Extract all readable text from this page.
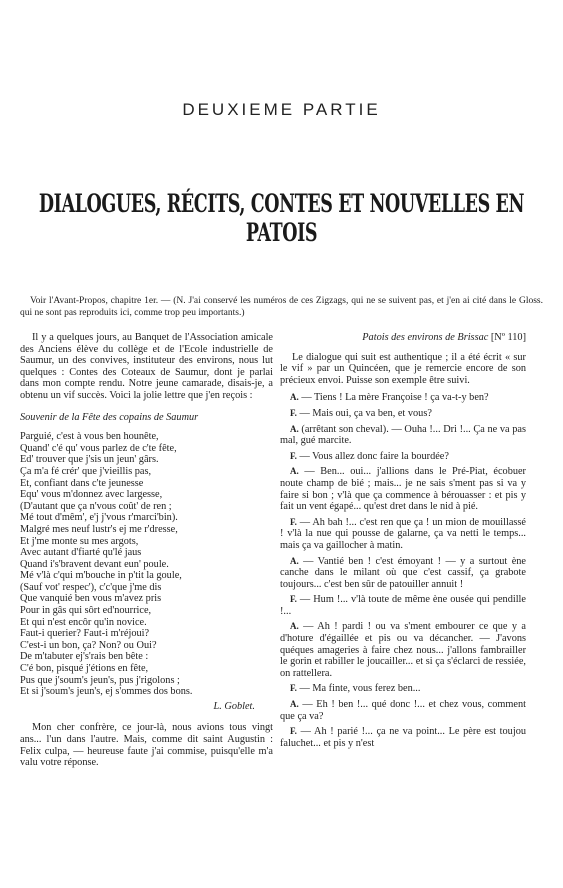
DEUXIEME PARTIE
DIALOGUES, RÉCITS, CONTES ET NOUVELLES EN PATOIS
Voir l'Avant-Propos, chapitre 1er. — (N. J'ai conservé les numéros de ces Zigzags, qui ne se suivent pas, et j'en ai cité dans le Gloss. qui ne sont pas reproduits ici, comme trop peu importants.)

Il y a quelques jours, au Banquet de l'Association amicale des Anciens élève du collège et de l'Ecole industrielle de Saumur, un des convives, instituteur des environs, nous lut quelques : Contes des Coteaux de Saumur, dont je parlai dans mon compte rendu. Notre jeune camarade, disais-je, a obtenu un vif succès. Voici la jolie lettre que j'en reçois :

Souvenir de la Fête des copains de Saumur
Parguié, c'est à vous ben hounête,
Quand' c'é qu' vous parlez de c'te fête,
Ed' trouver que j'sis un jeun' gârs.
Ça m'a fé crér' que j'vieillis pas,
Et, confiant dans c'te jeunesse
Equ' vous m'donnez avec largesse,
(D'autant que ça n'vous coût' de ren ;
Mé tout d'mêm', e'j j'vous r'marci'bin).
Malgré mes neuf lustr's ej me r'dresse,
Et j'me monte su mes argots,
Avec autant d'fiarté qu'lé jaus
Quand i's'bravent devant eun' poule.
Mé v'là c'qui m'bouche in p'tit la goule,
(Sauf vot' respec'), c'c'que j'me dis
Que vanquié ben vous m'avez pris
Pour in gâs qui sôrt ed'nourrice,
Et qui n'est encôr qu'in novice.
Faut-i querier? Faut-i m'réjoui?
C'est-i un bon, ça? Non? ou Oui?
De m'tabuter ej's'rais ben bête :
C'é bon, pisqué j'étions en fête,
Pus que j'soum's jeun's, pus j'rigolons ;
Et si j'soum's jeun's, ej s'ommes dos bons.
L. Goblet.

Mon cher confrère, ce jour-là, nous avions tous vingt ans... l'un dans l'autre. Mais, comme dit saint Augustin : Felix culpa, — heureuse faute j'ai commise, puisqu'elle m'a valu votre réponse.

Patois des environs de Brissac [Nº 110]

Le dialogue qui suit est authentique ; il a été écrit « sur le vif » par un Quincéen, que je remercie encore de son précieux envoi. Puisse son exemple être suivi.

A. — Tiens ! La mère Françoise ! ça va-t-y ben?

F. — Mais oui, ça va ben, et vous?

A. (arrêtant son cheval). — Ouha !... Dri !... Ça ne va pas mal, gué marcite.

F. — Vous allez donc faire la bourdée?

A. — Ben... oui... j'allions dans le Pré-Piat, écobuer noute champ de bié ; mais... je ne sais s'ment pas si va y faire si bon ; v'là que ça commence à bérouasser : et pis y fait un vent égapé... qu'est dret dans le nid à pié.

F. — Ah bah !... c'est ren que ça ! un mion de mouillassé ! v'là la nue qui pousse de galarne, ça va netti le temps... mais ça va gaillocher à matin.

A. — Vantié ben ! c'est émoyant ! — y a surtout ène canche dans le milant où que c'est cassif, ça grabote toujours... c'est ben sûr de patouiller annuit !

F. — Hum !... v'là toute de même ène ousée qui pendille !...

A. — Ah ! pardi ! ou va s'ment embourer ce que y a d'hoture d'égaillée et pis ou va décancher. — J'avons quéques amageries à faire chez nous... j'allons fambrailler le gorin et rabiller le joucailler... et si ça s'éclarci de ressiée, on rattellera.

F. — Ma finte, vous ferez ben...

A. — Eh ! ben !... qué donc !... et chez vous, comment que ça va?

F. — Ah ! parié !... ça ne va point... Le père est toujou faluchet... et pis y n'est
